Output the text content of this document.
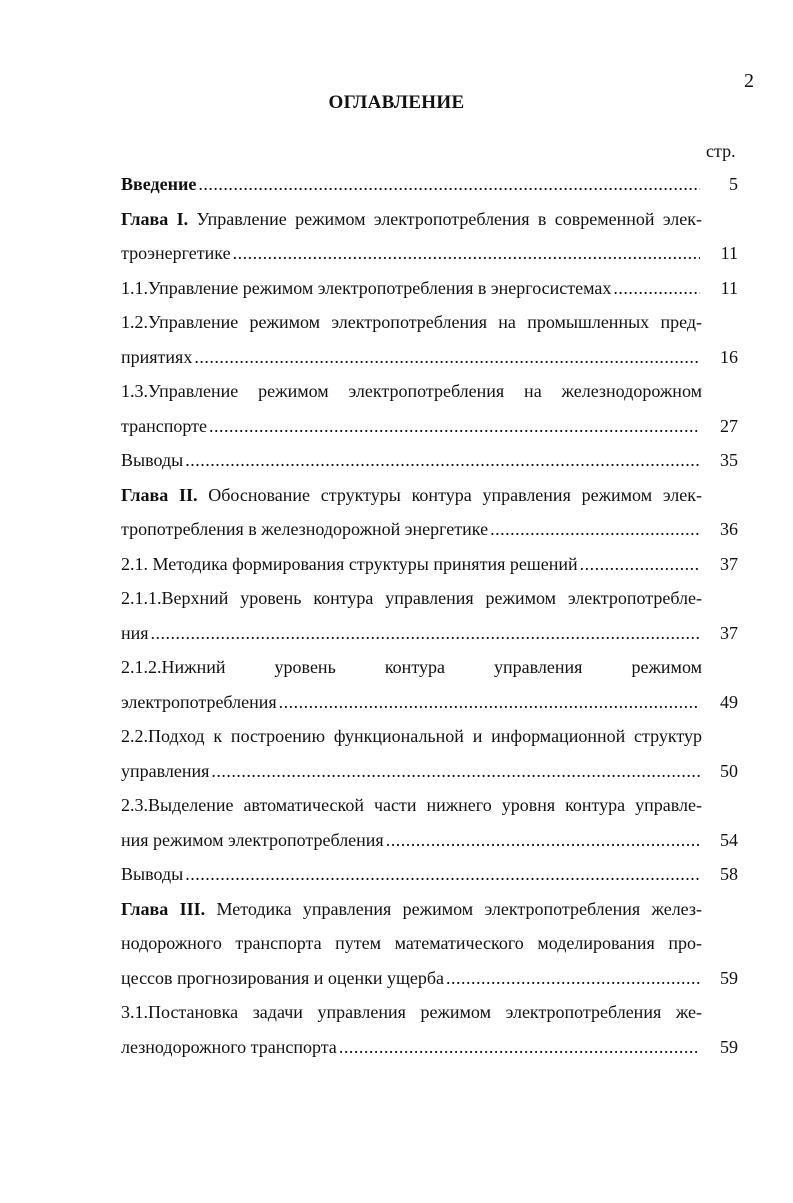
2
ОГЛАВЛЕНИЕ
стр.
Введение .....	5
Глава I. Управление режимом электропотребления в современной элек-
троэнергетике .....	11
1.1.Управление режимом электропотребления в энергосистемах .....	11
1.2.Управление режимом электропотребления на промышленных пред-
приятиях .....	16
1.3.Управление режимом электропотребления на железнодорожном
транспорте .....	27
Выводы .....	35
Глава II. Обоснование структуры контура управления режимом элек-
тропотребления в железнодорожной энергетике .....	36
2.1. Методика формирования структуры принятия решений .....	37
2.1.1.Верхний уровень контура управления режимом электропотребле-
ния .....	37
2.1.2.Нижний уровень контура управления режимом
электропотребления .....	49
2.2.Подход к построению функциональной и информационной структур
управления .....	50
2.3.Выделение автоматической части нижнего уровня контура управле-
ния режимом электропотребления .....	54
Выводы .....	58
Глава III. Методика управления режимом электропотребления желез-
нодорожного транспорта путем математического моделирования про-
цессов прогнозирования и оценки ущерба .....	59
3.1.Постановка задачи управления режимом электропотребления же-
лезнодорожного транспорта .....	59
